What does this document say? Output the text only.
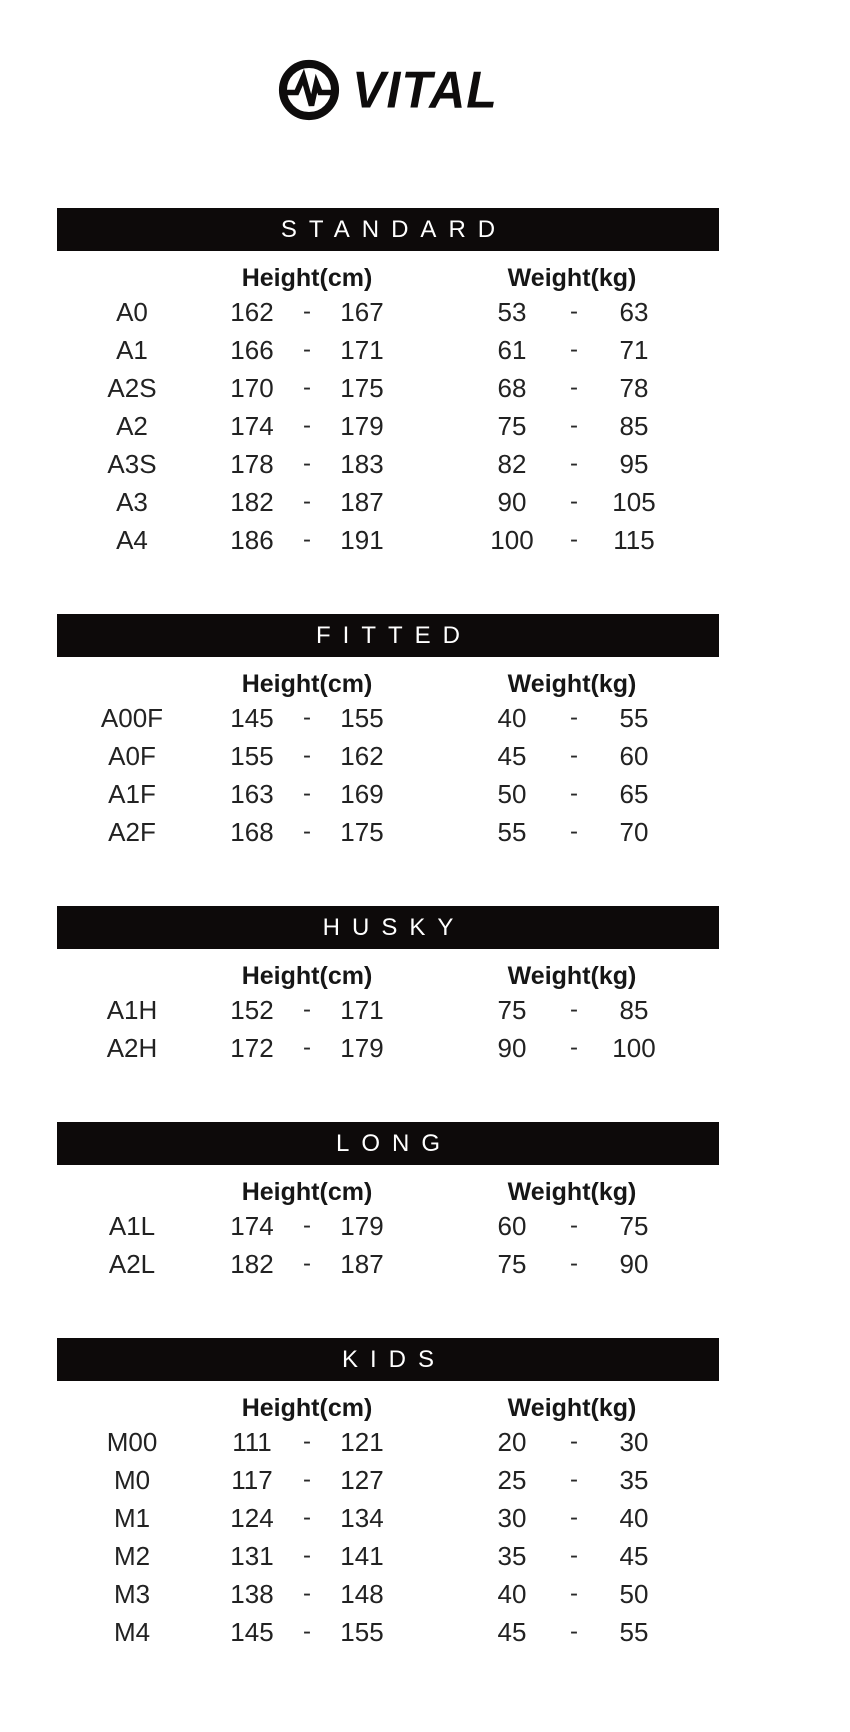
VITAL
STANDARD
Height(cm)	Weight(kg)
A0	162	-	167	53	-	63
A1	166	-	171	61	-	71
A2S	170	-	175	68	-	78
A2	174	-	179	75	-	85
A3S	178	-	183	82	-	95
A3	182	-	187	90	-	105
A4	186	-	191	100	-	115
FITTED
Height(cm)	Weight(kg)
A00F	145	-	155	40	-	55
A0F	155	-	162	45	-	60
A1F	163	-	169	50	-	65
A2F	168	-	175	55	-	70
HUSKY
Height(cm)	Weight(kg)
A1H	152	-	171	75	-	85
A2H	172	-	179	90	-	100
LONG
Height(cm)	Weight(kg)
A1L	174	-	179	60	-	75
A2L	182	-	187	75	-	90
KIDS
Height(cm)	Weight(kg)
M00	111	-	121	20	-	30
M0	117	-	127	25	-	35
M1	124	-	134	30	-	40
M2	131	-	141	35	-	45
M3	138	-	148	40	-	50
M4	145	-	155	45	-	55
